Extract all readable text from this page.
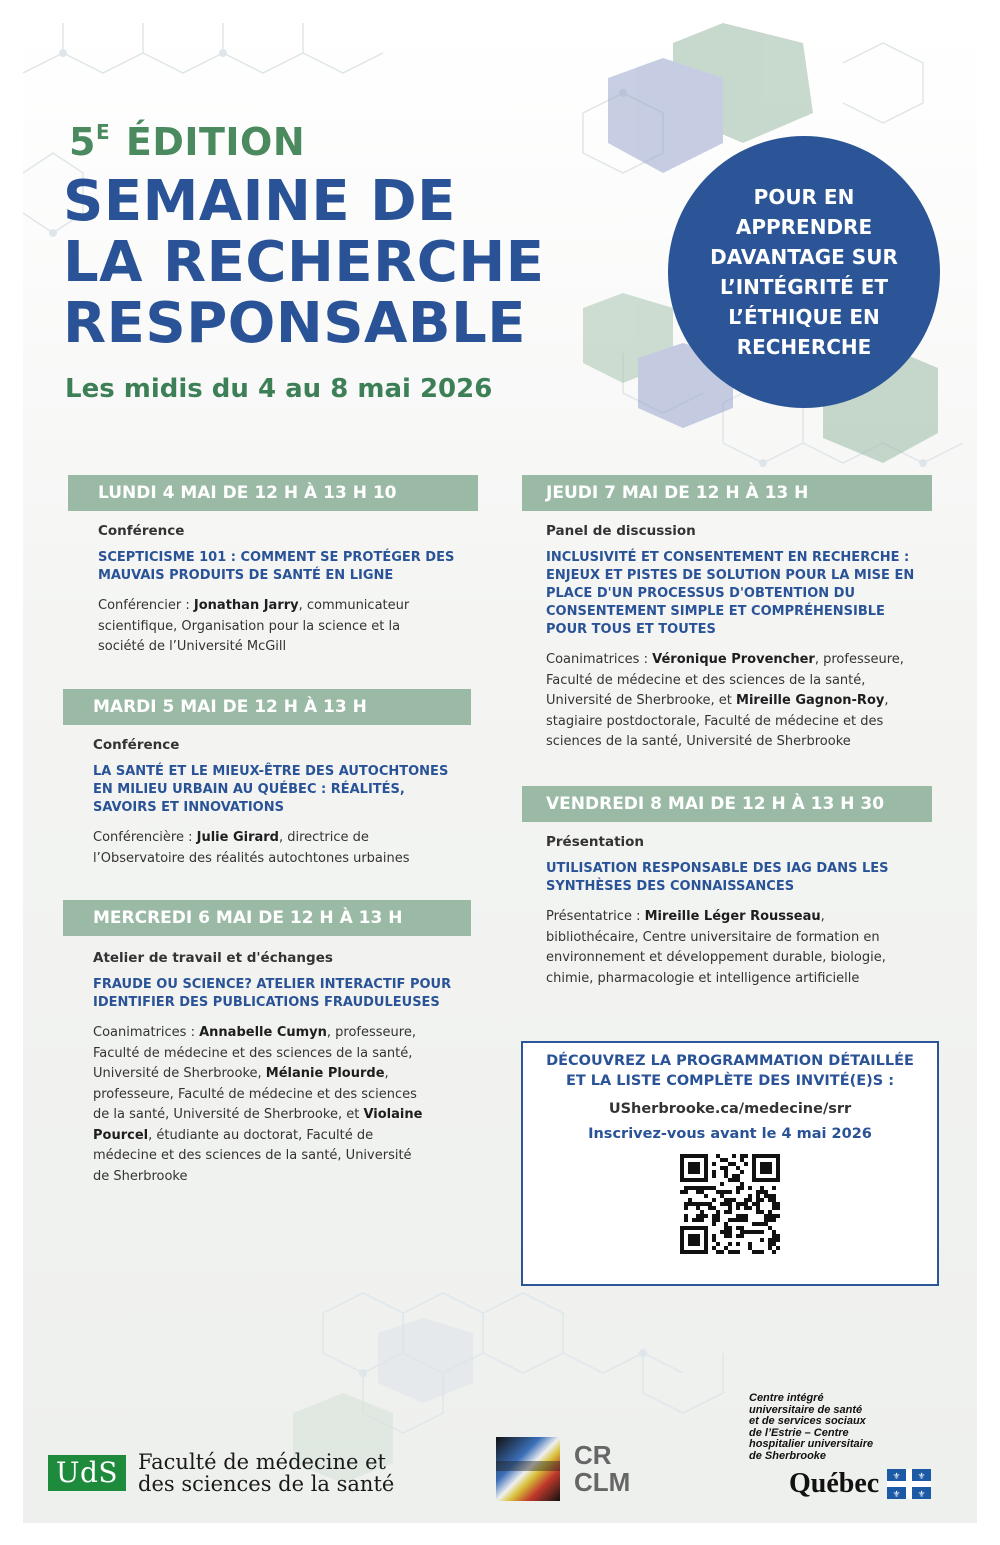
$5^E$ ÉDITION
SEMAINE DE
LA RECHERCHE
RESPONSABLE
Les midis du 4 au 8 mai 2026
POUR EN
APPRENDRE
DAVANTAGE SUR
L’INTÉGRITÉ ET
L’ÉTHIQUE EN
RECHERCHE
LUNDI 4 MAI DE 12 H À 13 H 10
Conférence
SCEPTICISME 101 : COMMENT SE PROTÉGER DES
MAUVAIS PRODUITS DE SANTÉ EN LIGNE
Conférencier : Jonathan Jarry, communicateur
scientifique, Organisation pour la science et la
société de l’Université McGill
MARDI 5 MAI DE 12 H À 13 H
Conférence
LA SANTÉ ET LE MIEUX-ÊTRE DES AUTOCHTONES
EN MILIEU URBAIN AU QUÉBEC : RÉALITÉS,
SAVOIRS ET INNOVATIONS
Conférencière : Julie Girard, directrice de
l’Observatoire des réalités autochtones urbaines
MERCREDI 6 MAI DE 12 H À 13 H
Atelier de travail et d'échanges
FRAUDE OU SCIENCE? ATELIER INTERACTIF POUR
IDENTIFIER DES PUBLICATIONS FRAUDULEUSES
Coanimatrices : Annabelle Cumyn, professeure,
Faculté de médecine et des sciences de la santé,
Université de Sherbrooke, Mélanie Plourde,
professeure, Faculté de médecine et des sciences
de la santé, Université de Sherbrooke, et Violaine
Pourcel, étudiante au doctorat, Faculté de
médecine et des sciences de la santé, Université
de Sherbrooke
JEUDI 7 MAI DE 12 H À 13 H
Panel de discussion
INCLUSIVITÉ ET CONSENTEMENT EN RECHERCHE :
ENJEUX ET PISTES DE SOLUTION POUR LA MISE EN
PLACE D'UN PROCESSUS D'OBTENTION DU
CONSENTEMENT SIMPLE ET COMPRÉHENSIBLE
POUR TOUS ET TOUTES
Coanimatrices : Véronique Provencher, professeure,
Faculté de médecine et des sciences de la santé,
Université de Sherbrooke, et Mireille Gagnon-Roy,
stagiaire postdoctorale, Faculté de médecine et des
sciences de la santé, Université de Sherbrooke
VENDREDI 8 MAI DE 12 H À 13 H 30
Présentation
UTILISATION RESPONSABLE DES IAG DANS LES
SYNTHÈSES DES CONNAISSANCES
Présentatrice : Mireille Léger Rousseau,
bibliothécaire, Centre universitaire de formation en
environnement et développement durable, biologie,
chimie, pharmacologie et intelligence artificielle
DÉCOUVREZ LA PROGRAMMATION DÉTAILLÉE
ET LA LISTE COMPLÈTE DES INVITÉ(E)S :
USherbrooke.ca/medecine/srr
Inscrivez-vous avant le 4 mai 2026
UdS Faculté de médecine et
des sciences de la santé
CR
CLM
Centre intégré
universitaire de santé
et de services sociaux
de l’Estrie – Centre
hospitalier universitaire
de Sherbrooke
Québec ⚜ ⚜
⚜ ⚜
